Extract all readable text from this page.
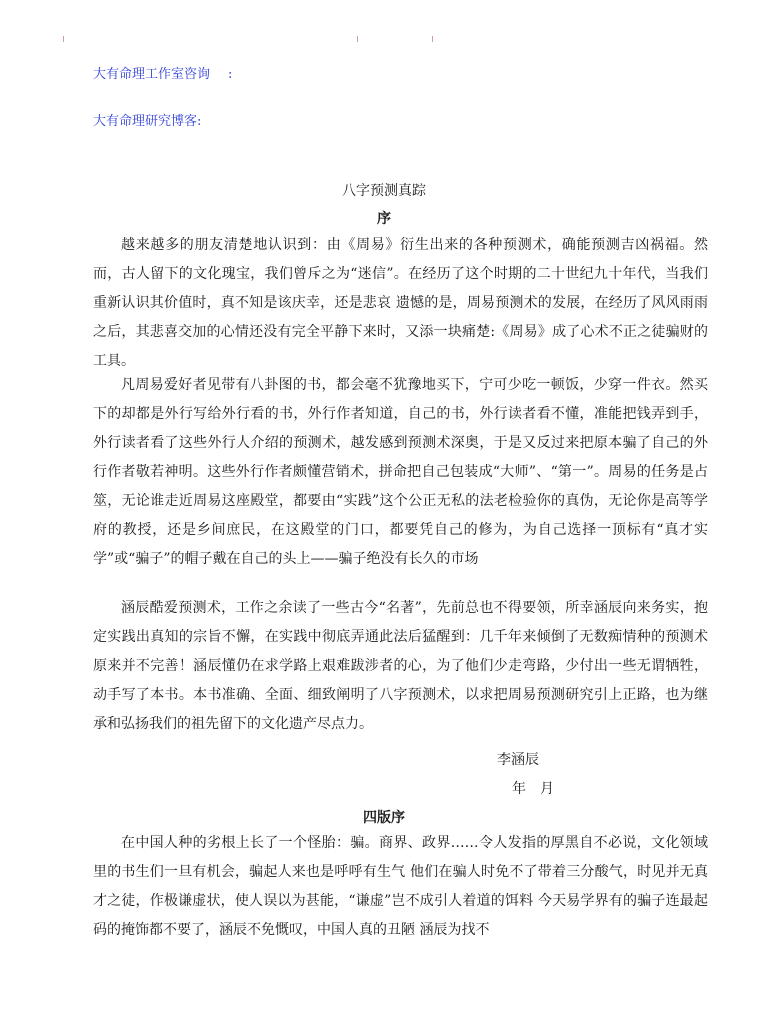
大有命理工作室咨询 :
大有命理研究博客:
八字预测真踪
序

越来越多的朋友清楚地认识到：由《周易》衍生出来的各种预测术，确能预测吉凶祸福。然而，古人留下的文化瑰宝，我们曾斥之为“迷信”。在经历了这个时期的二十世纪九十年代，当我们重新认识其价值时，真不知是该庆幸，还是悲哀 遗憾的是，周易预测术的发展，在经历了风风雨雨之后，其悲喜交加的心情还没有完全平静下来时，又添一块痛楚:《周易》成了心术不正之徒骗财的工具。

凡周易爱好者见带有八卦图的书，都会毫不犹豫地买下，宁可少吃一顿饭，少穿一件衣。然买下的却都是外行写给外行看的书，外行作者知道，自己的书，外行读者看不懂，准能把钱弄到手，外行读者看了这些外行人介绍的预测术，越发感到预测术深奥，于是又反过来把原本骗了自己的外行作者敬若神明。这些外行作者颇懂营销术，拼命把自己包装成“大师”、“第一”。周易的任务是占筮，无论谁走近周易这座殿堂，都要由“实践”这个公正无私的法老检验你的真伪，无论你是高等学府的教授，还是乡间庶民，在这殿堂的门口，都要凭自己的修为，为自己选择一顶标有“真才实学”或“骗子”的帽子戴在自己的头上——骗子绝没有长久的市场

涵辰酷爱预测术，工作之余读了一些古今“名著”，先前总也不得要领，所幸涵辰向来务实，抱定实践出真知的宗旨不懈，在实践中彻底弄通此法后猛醒到：几千年来倾倒了无数痴情种的预测术原来并不完善！涵辰懂仍在求学路上艰难跋涉者的心，为了他们少走弯路，少付出一些无谓牺牲，动手写了本书。本书准确、全面、细致阐明了八字预测术，以求把周易预测研究引上正路，也为继承和弘扬我们的祖先留下的文化遗产尽点力。

李涵辰
年　月
四版序

在中国人种的劣根上长了一个怪胎：骗。商界、政界……令人发指的厚黑自不必说，文化领域里的书生们一旦有机会，骗起人来也是呼呼有生气 他们在骗人时免不了带着三分酸气，时见并无真才之徒，作极谦虚状，使人误以为甚能，“谦虚”岂不成引人着道的饵料 今天易学界有的骗子连最起码的掩饰都不要了，涵辰不免慨叹，中国人真的丑陋 涵辰为找不
